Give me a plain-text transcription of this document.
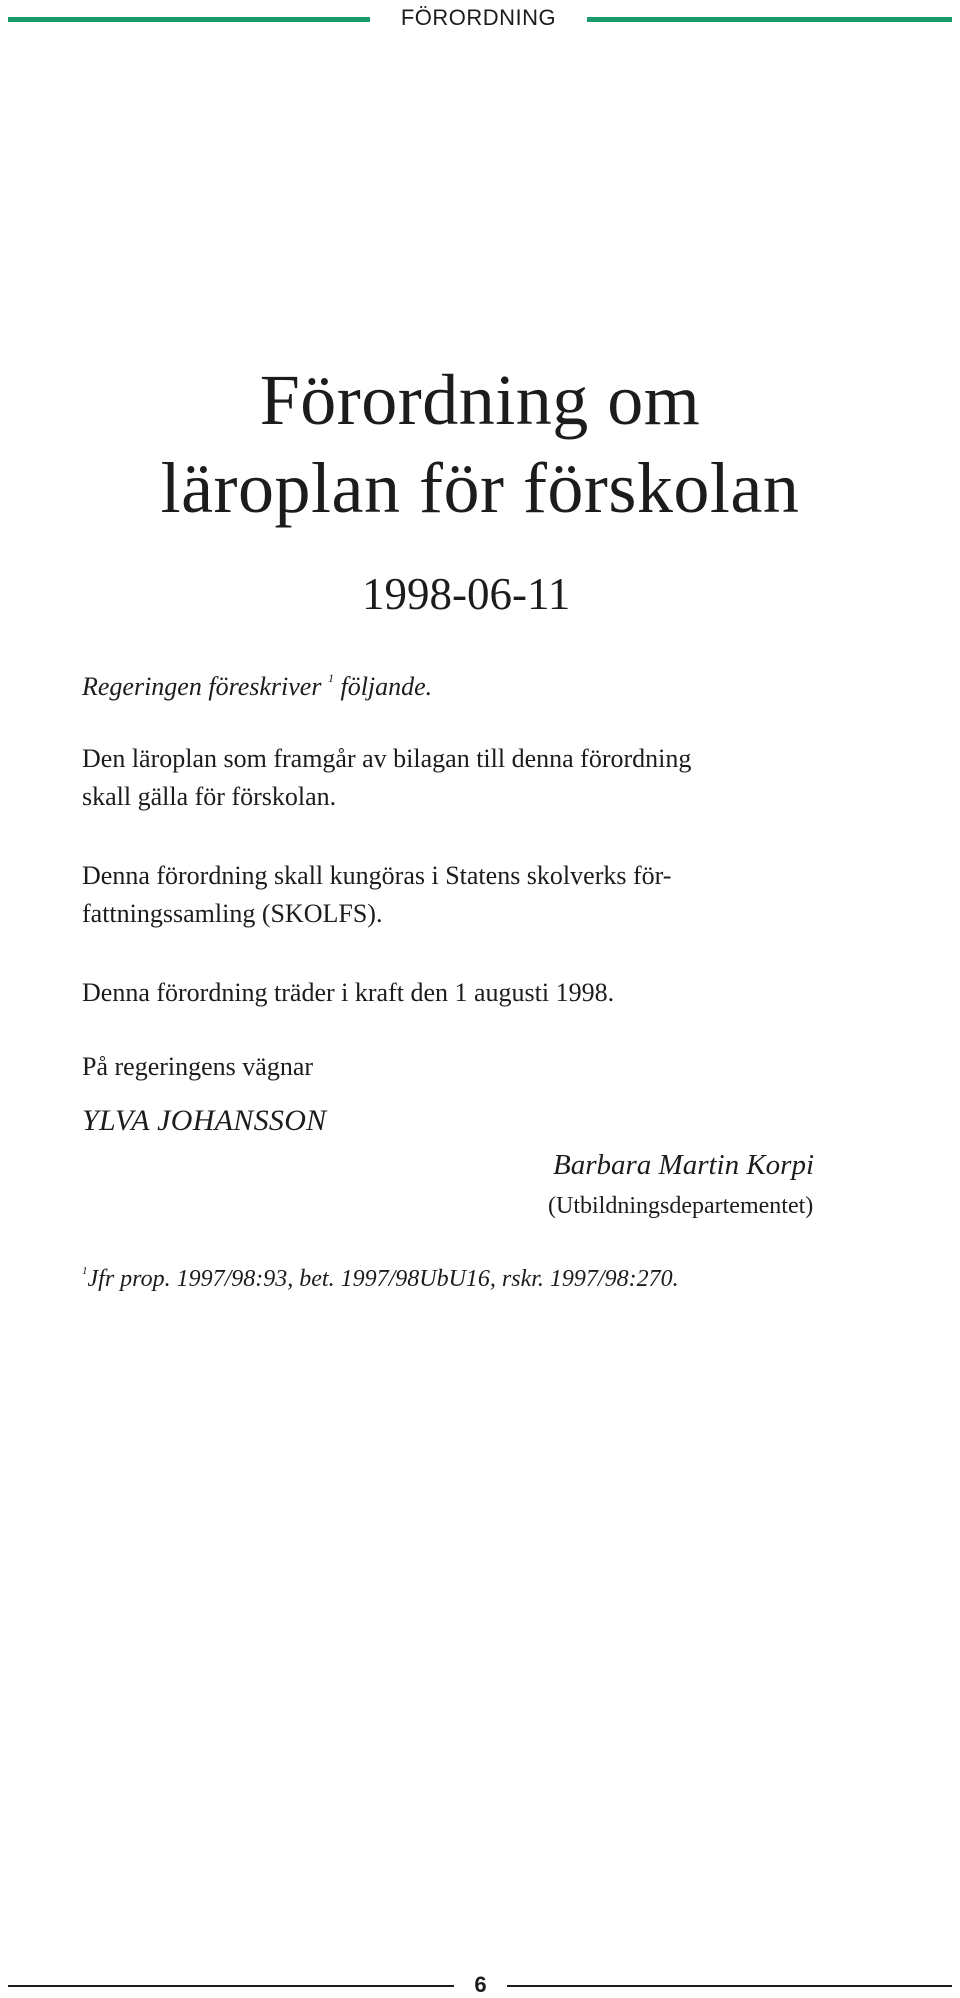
FÖRORDNING
Förordning om
läroplan för förskolan
1998-06-11

Regeringen föreskriver $^1$ följande.

Den läroplan som framgår av bilagan till denna förordning
skall gälla för förskolan.

Denna förordning skall kungöras i Statens skolverks för-
fattningssamling (SKOLFS).

Denna förordning träder i kraft den 1 augusti 1998.

På regeringens vägnar

YLVA JOHANSSON

Barbara Martin Korpi
(Utbildningsdepartementet)
$^1$Jfr prop. 1997/98:93, bet. 1997/98UbU16, rskr. 1997/98:270.
6
